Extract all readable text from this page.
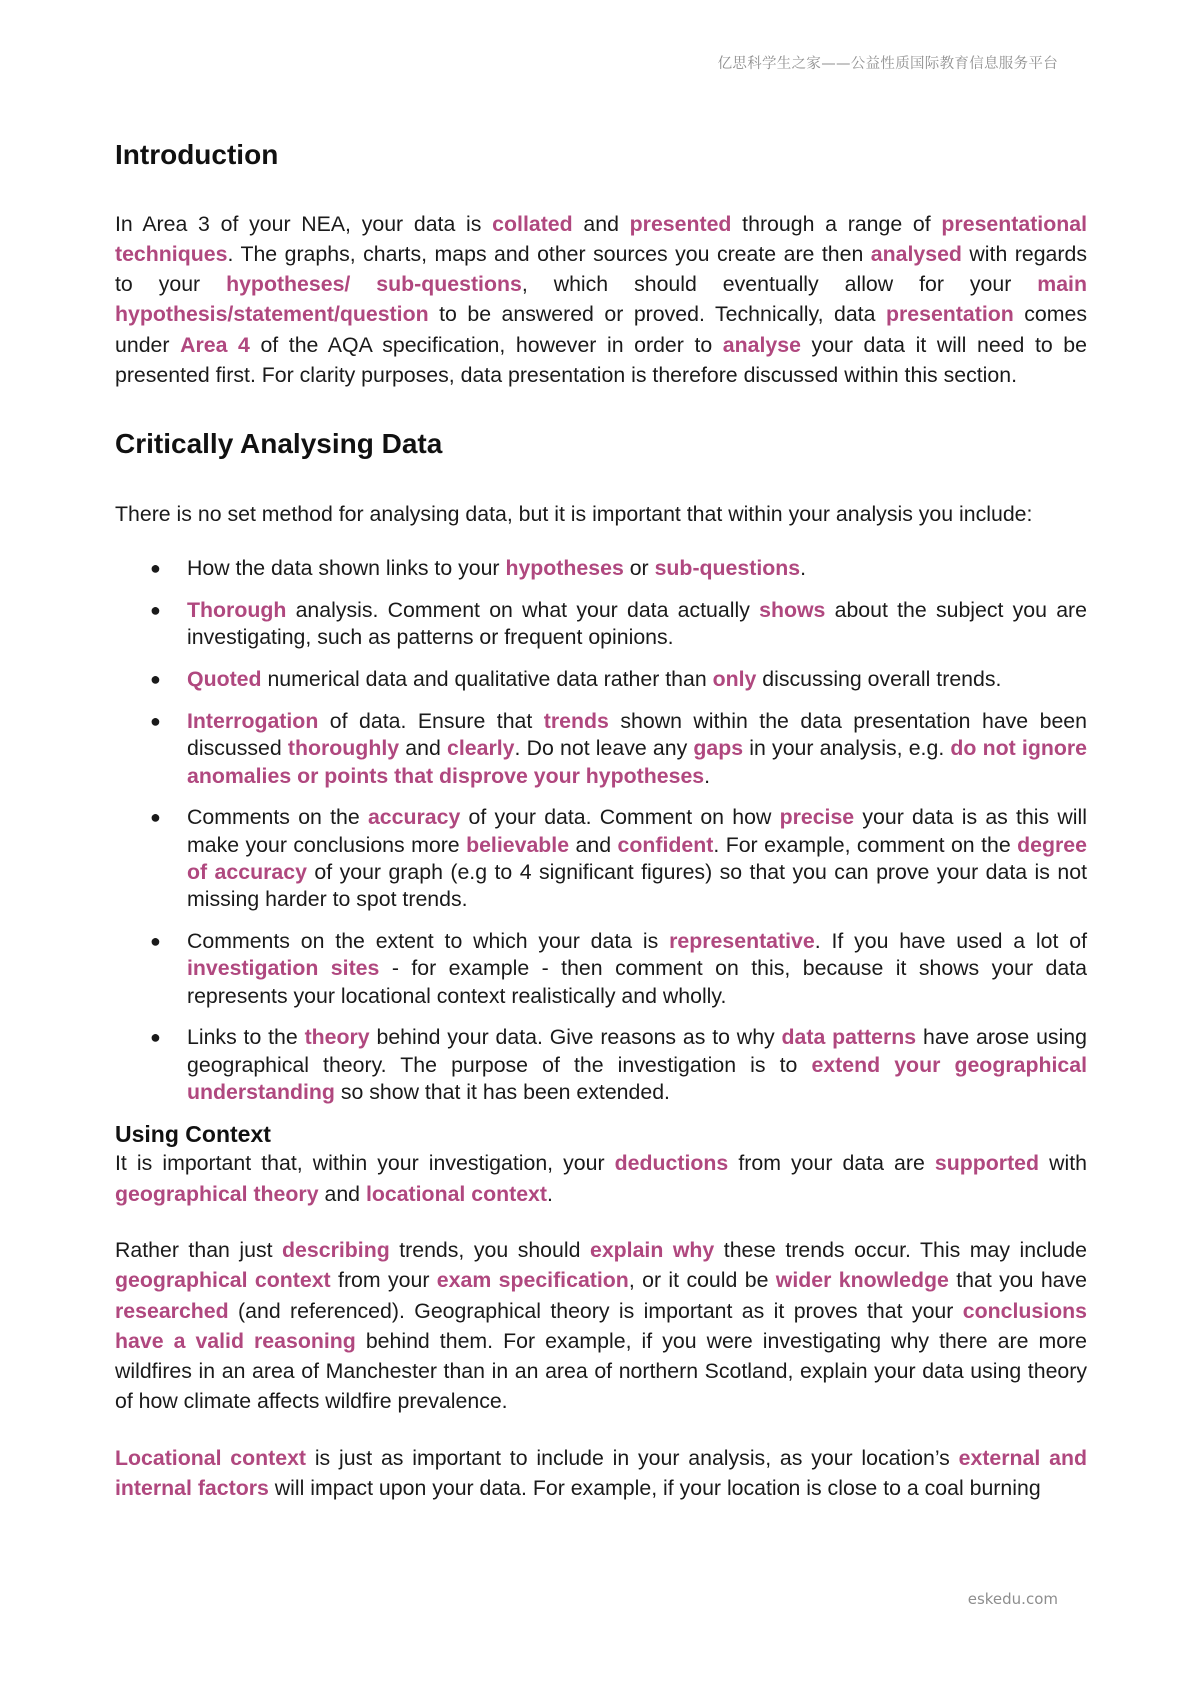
亿思科学生之家——公益性质国际教育信息服务平台
Introduction

In Area 3 of your NEA, your data is collated and presented through a range of presentational techniques. The graphs, charts, maps and other sources you create are then analysed with regards to your hypotheses/ sub-questions, which should eventually allow for your main hypothesis/statement/question to be answered or proved. Technically, data presentation comes under Area 4 of the AQA specification, however in order to analyse your data it will need to be presented first. For clarity purposes, data presentation is therefore discussed within this section.

Critically Analysing Data

There is no set method for analysing data, but it is important that within your analysis you include:

● How the data shown links to your hypotheses or sub-questions.
● Thorough analysis. Comment on what your data actually shows about the subject you are investigating, such as patterns or frequent opinions.
● Quoted numerical data and qualitative data rather than only discussing overall trends.
● Interrogation of data. Ensure that trends shown within the data presentation have been discussed thoroughly and clearly. Do not leave any gaps in your analysis, e.g. do not ignore anomalies or points that disprove your hypotheses.
● Comments on the accuracy of your data. Comment on how precise your data is as this will make your conclusions more believable and confident. For example, comment on the degree of accuracy of your graph (e.g to 4 significant figures) so that you can prove your data is not missing harder to spot trends.
● Comments on the extent to which your data is representative. If you have used a lot of investigation sites - for example - then comment on this, because it shows your data represents your locational context realistically and wholly.
● Links to the theory behind your data. Give reasons as to why data patterns have arose using geographical theory. The purpose of the investigation is to extend your geographical understanding so show that it has been extended.
Using Context

It is important that, within your investigation, your deductions from your data are supported with geographical theory and locational context.

Rather than just describing trends, you should explain why these trends occur. This may include geographical context from your exam specification, or it could be wider knowledge that you have researched (and referenced). Geographical theory is important as it proves that your conclusions have a valid reasoning behind them. For example, if you were investigating why there are more wildfires in an area of Manchester than in an area of northern Scotland, explain your data using theory of how climate affects wildfire prevalence.

Locational context is just as important to include in your analysis, as your location’s external and internal factors will impact upon your data. For example, if your location is close to a coal burning

eskedu.com
